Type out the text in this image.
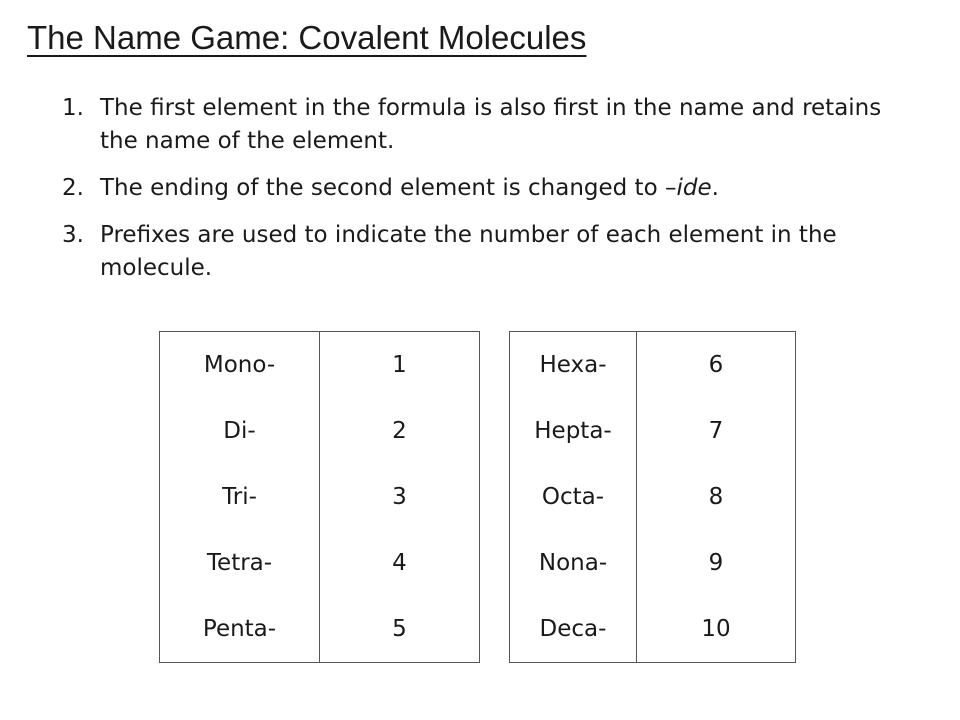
The Name Game: Covalent Molecules
1. The first element in the formula is also first in the name and retains the name of the element.
2. The ending of the second element is changed to –ide.
3. Prefixes are used to indicate the number of each element in the molecule.
Mono-	1
Di-	2
Tri-	3
Tetra-	4
Penta-	5
Hexa-	6
Hepta-	7
Octa-	8
Nona-	9
Deca-	10
